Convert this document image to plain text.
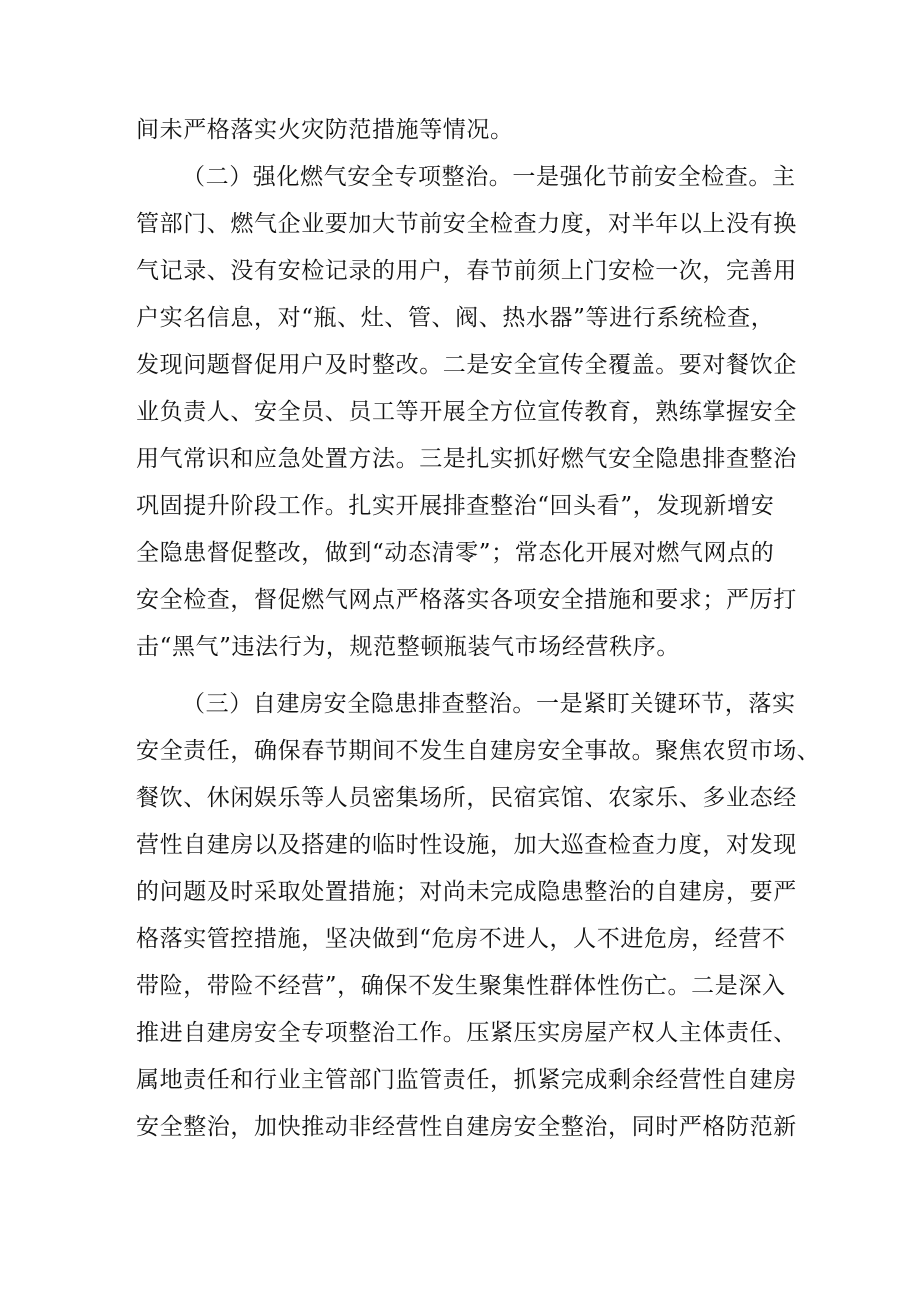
间未严格落实火灾防范措施等情况。
（二）强化燃气安全专项整治。一是强化节前安全检查。主
管部门、燃气企业要加大节前安全检查力度，对半年以上没有换
气记录、没有安检记录的用户，春节前须上门安检一次，完善用
户实名信息，对“瓶、灶、管、阀、热水器”等进行系统检查，
发现问题督促用户及时整改。二是安全宣传全覆盖。要对餐饮企
业负责人、安全员、员工等开展全方位宣传教育，熟练掌握安全
用气常识和应急处置方法。三是扎实抓好燃气安全隐患排查整治
巩固提升阶段工作。扎实开展排查整治“回头看”，发现新增安
全隐患督促整改，做到“动态清零”；常态化开展对燃气网点的
安全检查，督促燃气网点严格落实各项安全措施和要求；严厉打
击“黑气”违法行为，规范整顿瓶装气市场经营秩序。
（三）自建房安全隐患排查整治。一是紧盯关键环节，落实
安全责任，确保春节期间不发生自建房安全事故。聚焦农贸市场、
餐饮、休闲娱乐等人员密集场所，民宿宾馆、农家乐、多业态经
营性自建房以及搭建的临时性设施，加大巡查检查力度，对发现
的问题及时采取处置措施；对尚未完成隐患整治的自建房，要严
格落实管控措施，坚决做到“危房不进人，人不进危房，经营不
带险，带险不经营”，确保不发生聚集性群体性伤亡。二是深入
推进自建房安全专项整治工作。压紧压实房屋产权人主体责任、
属地责任和行业主管部门监管责任，抓紧完成剩余经营性自建房
安全整治，加快推动非经营性自建房安全整治，同时严格防范新
